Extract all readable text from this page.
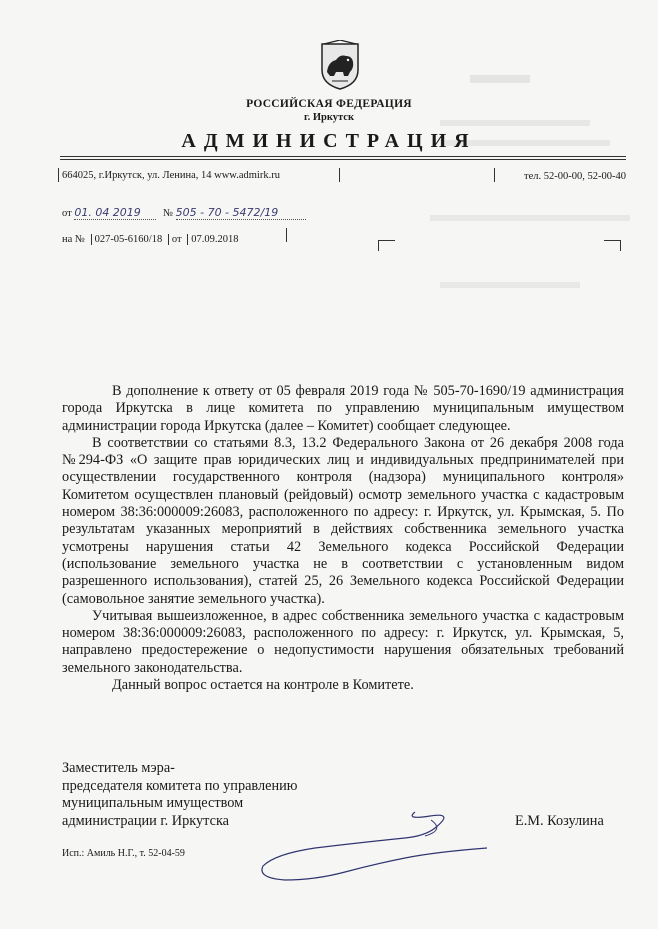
РОССИЙСКАЯ ФЕДЕРАЦИЯ
г. Иркутск
АДМИНИСТРАЦИЯ
664025, г.Иркутск, ул. Ленина, 14 www.admirk.ru	тел. 52-00-00, 52-00-40
от 01. 04 2019 № 505 - 70 - 5472/19
на № 027-05-6160/18 от 07.09.2018

В дополнение к ответу от 05 февраля 2019 года № 505-70-1690/19 администрация города Иркутска в лице комитета по управлению муниципальным имуществом администрации города Иркутска (далее – Комитет) сообщает следующее.

В соответствии со статьями 8.3, 13.2 Федерального Закона от 26 декабря 2008 года №294-ФЗ «О защите прав юридических лиц и индивидуальных предпринимателей при осуществлении государственного контроля (надзора) муниципального контроля» Комитетом осуществлен плановый (рейдовый) осмотр земельного участка с кадастровым номером 38:36:000009:26083, расположенного по адресу: г. Иркутск, ул. Крымская, 5. По результатам указанных мероприятий в действиях собственника земельного участка усмотрены нарушения статьи 42 Земельного кодекса Российской Федерации (использование земельного участка не в соответствии с установленным видом разрешенного использования), статей 25, 26 Земельного кодекса Российской Федерации (самовольное занятие земельного участка).

Учитывая вышеизложенное, в адрес собственника земельного участка с кадастровым номером 38:36:000009:26083, расположенного по адресу: г. Иркутск, ул. Крымская, 5, направлено предостережение о недопустимости нарушения обязательных требований земельного законодательства.

Данный вопрос остается на контроле в Комитете.

Заместитель мэра-
председателя комитета по управлению
муниципальным имуществом
администрации г. Иркутска	Е.М. Козулина
Исп.: Амиль Н.Г., т. 52-04-59
